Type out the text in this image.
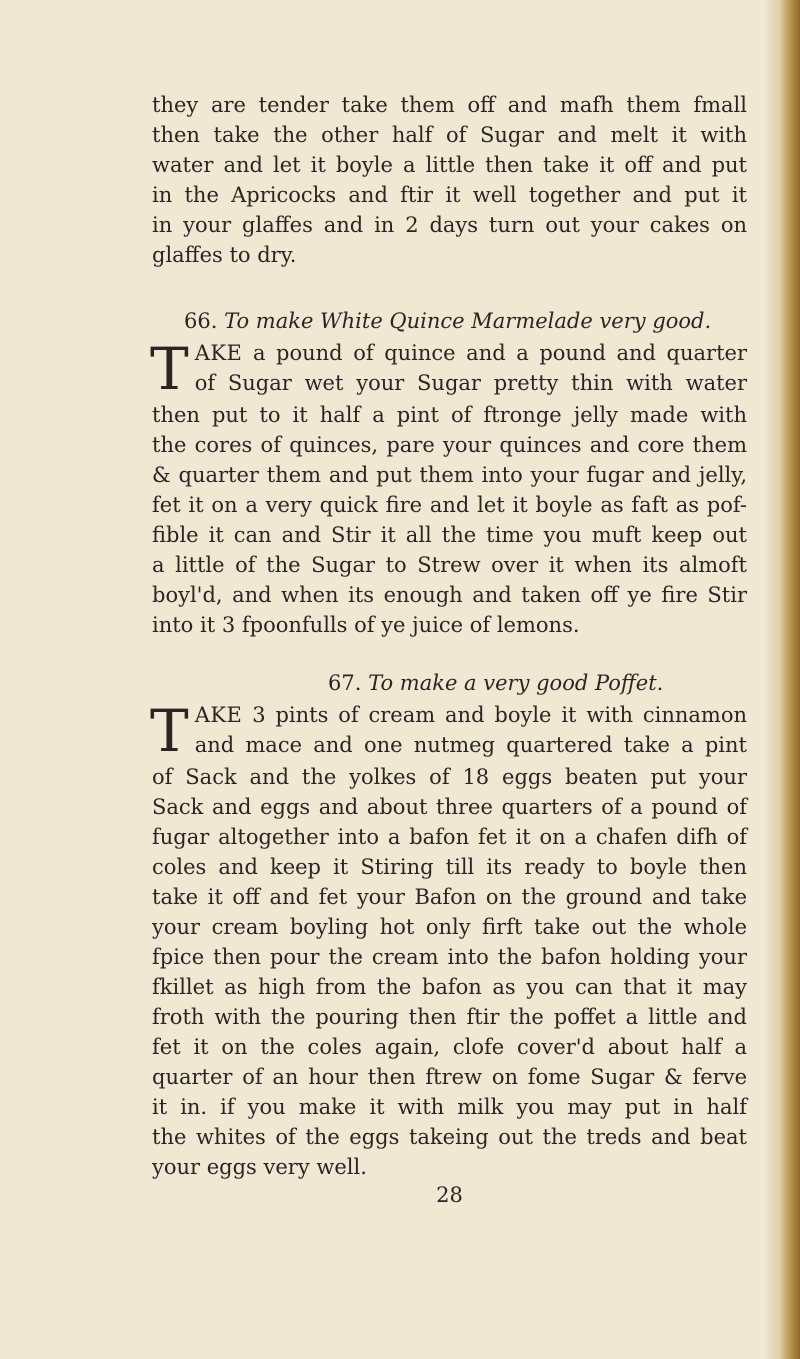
they are tender take them off and mafh them fmall
then take the other half of Sugar and melt it with
water and let it boyle a little then take it off and put
in the Apricocks and ftir it well together and put it
in your glaffes and in 2 days turn out your cakes on
glaffes to dry.
66. To make White Quince Marmelade very good.
T AKE a pound of quince and a pound and quarter
of Sugar wet your Sugar pretty thin with water
then put to it half a pint of ftronge jelly made with
the cores of quinces, pare your quinces and core them
& quarter them and put them into your fugar and jelly,
fet it on a very quick fire and let it boyle as faft as pof-
fible it can and Stir it all the time you muft keep out
a little of the Sugar to Strew over it when its almoft
boyl'd, and when its enough and taken off ye fire Stir
into it 3 fpoonfulls of ye juice of lemons.
67. To make a very good Poffet.
T AKE 3 pints of cream and boyle it with cinnamon
and mace and one nutmeg quartered take a pint
of Sack and the yolkes of 18 eggs beaten put your
Sack and eggs and about three quarters of a pound of
fugar altogether into a bafon fet it on a chafen difh of
coles and keep it Stiring till its ready to boyle then
take it off and fet your Bafon on the ground and take
your cream boyling hot only firft take out the whole
fpice then pour the cream into the bafon holding your
fkillet as high from the bafon as you can that it may
froth with the pouring then ftir the poffet a little and
fet it on the coles again, clofe cover'd about half a
quarter of an hour then ftrew on fome Sugar & ferve
it in. if you make it with milk you may put in half
the whites of the eggs takeing out the treds and beat
your eggs very well.
28
